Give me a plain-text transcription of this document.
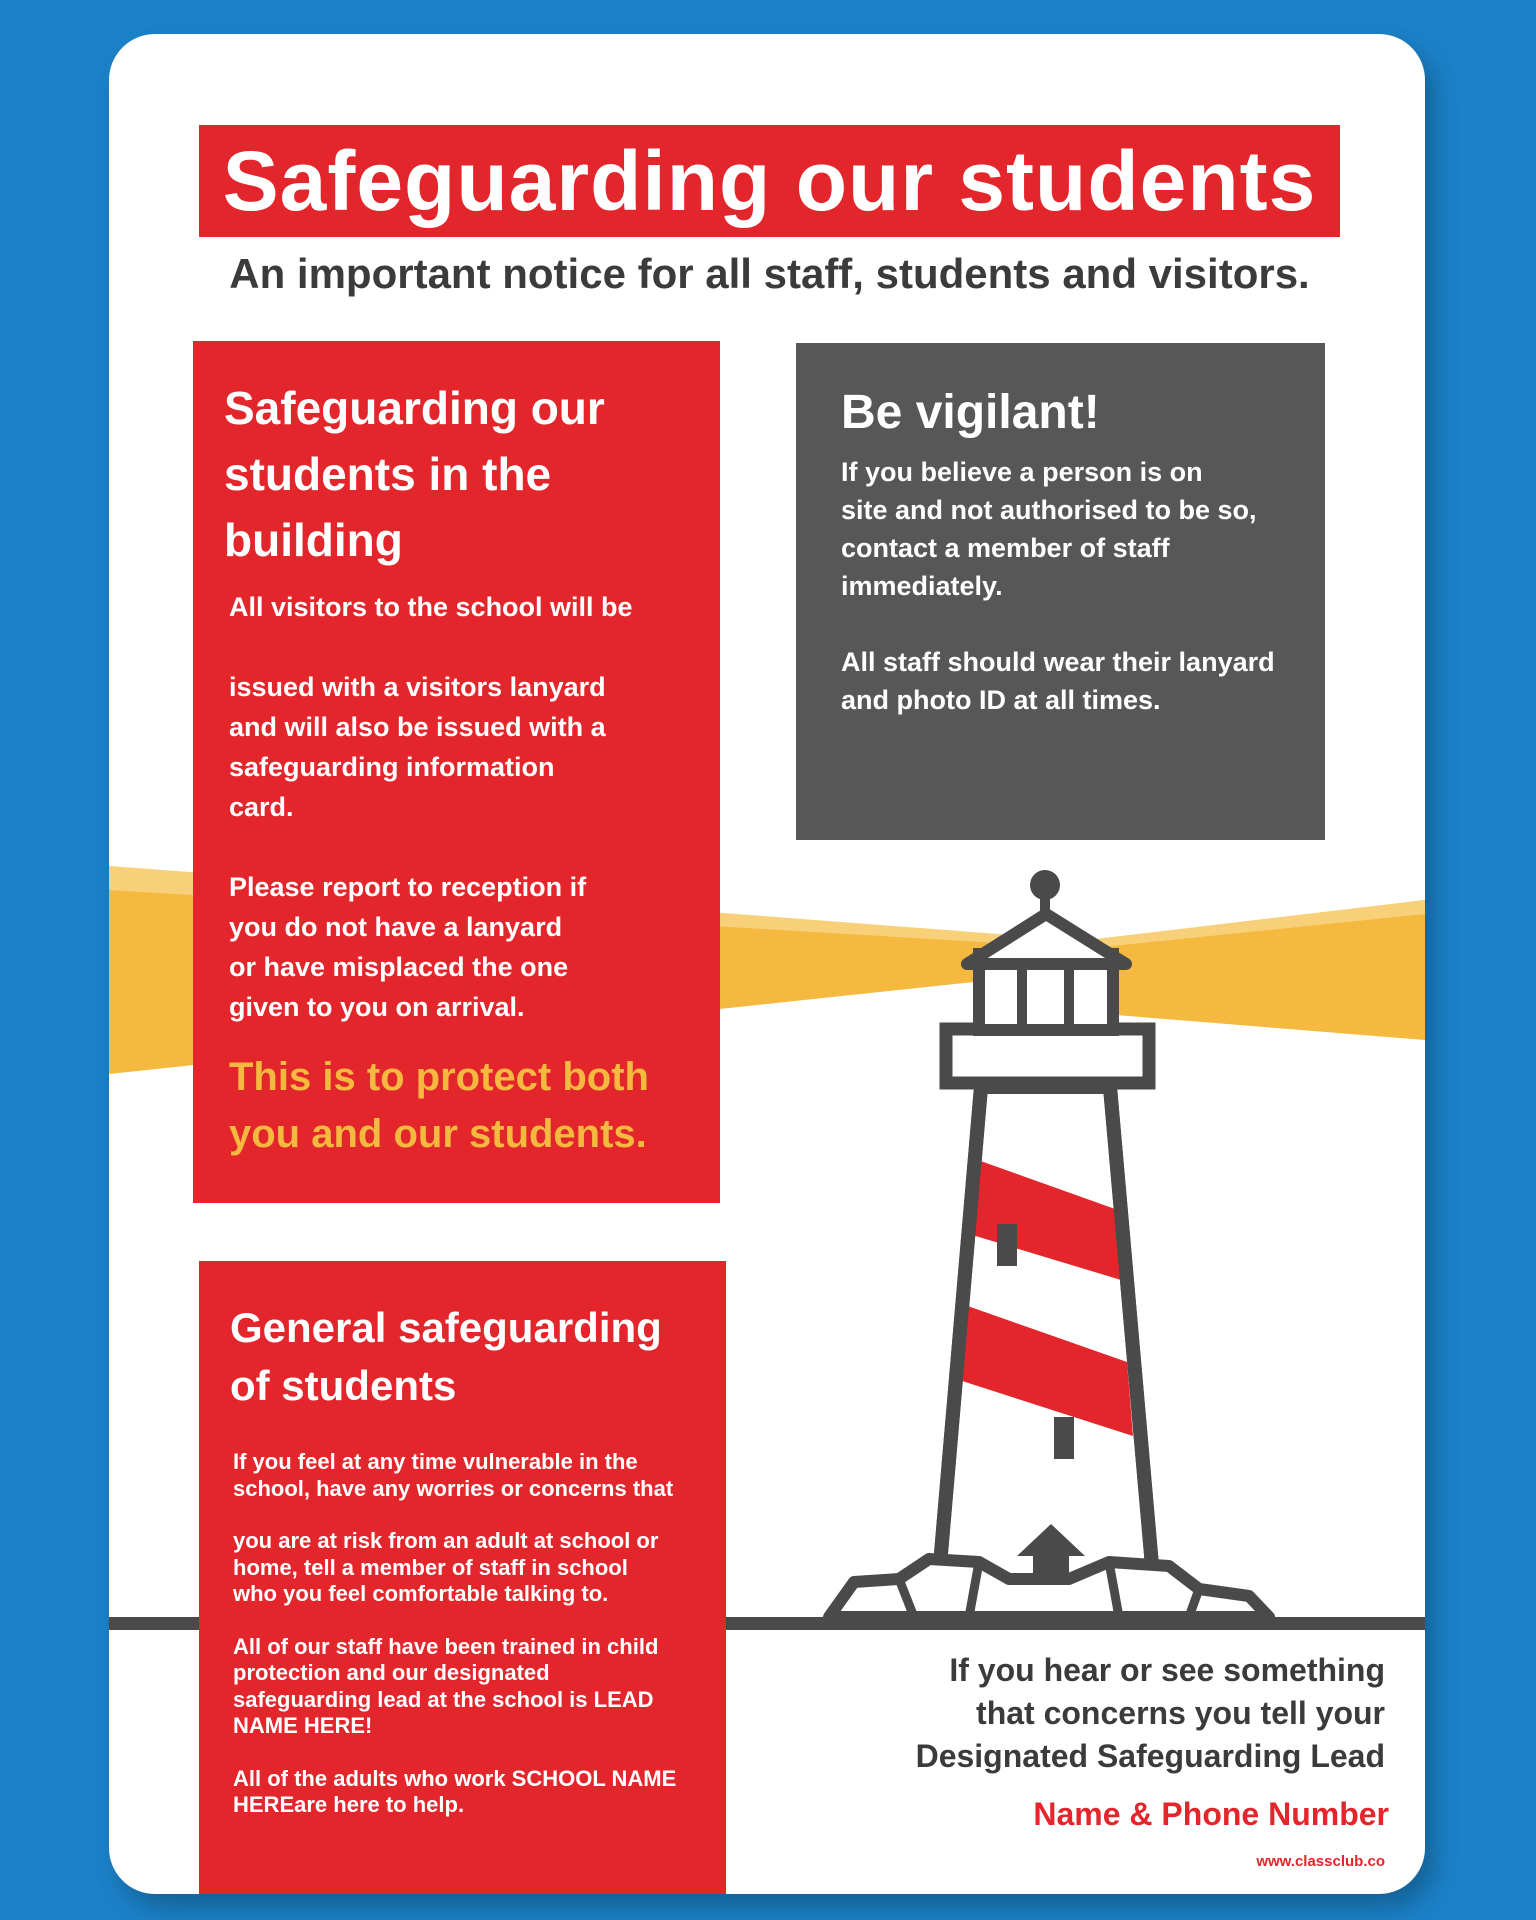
Safeguarding our students
An important notice for all staff, students and visitors.
Safeguarding our
students in the
building
All visitors to the school will be
issued with a visitors lanyard
and will also be issued with a
safeguarding information
card.
Please report to reception if
you do not have a lanyard
or have misplaced the one
given to you on arrival.
This is to protect both
you and our students.
Be vigilant!
If you believe a person is on
site and not authorised to be so,
contact a member of staff
immediately.
All staff should wear their lanyard
and photo ID at all times.
General safeguarding
of students
If you feel at any time vulnerable in the
school, have any worries or concerns that
you are at risk from an adult at school or
home, tell a member of staff in school
who you feel comfortable talking to.
All of our staff have been trained in child
protection and our designated
safeguarding lead at the school is LEAD
NAME HERE!
All of the adults who work SCHOOL NAME
HEREare here to help.
If you hear or see something
that concerns you tell your
Designated Safeguarding Lead
Name & Phone Number
www.classclub.co
